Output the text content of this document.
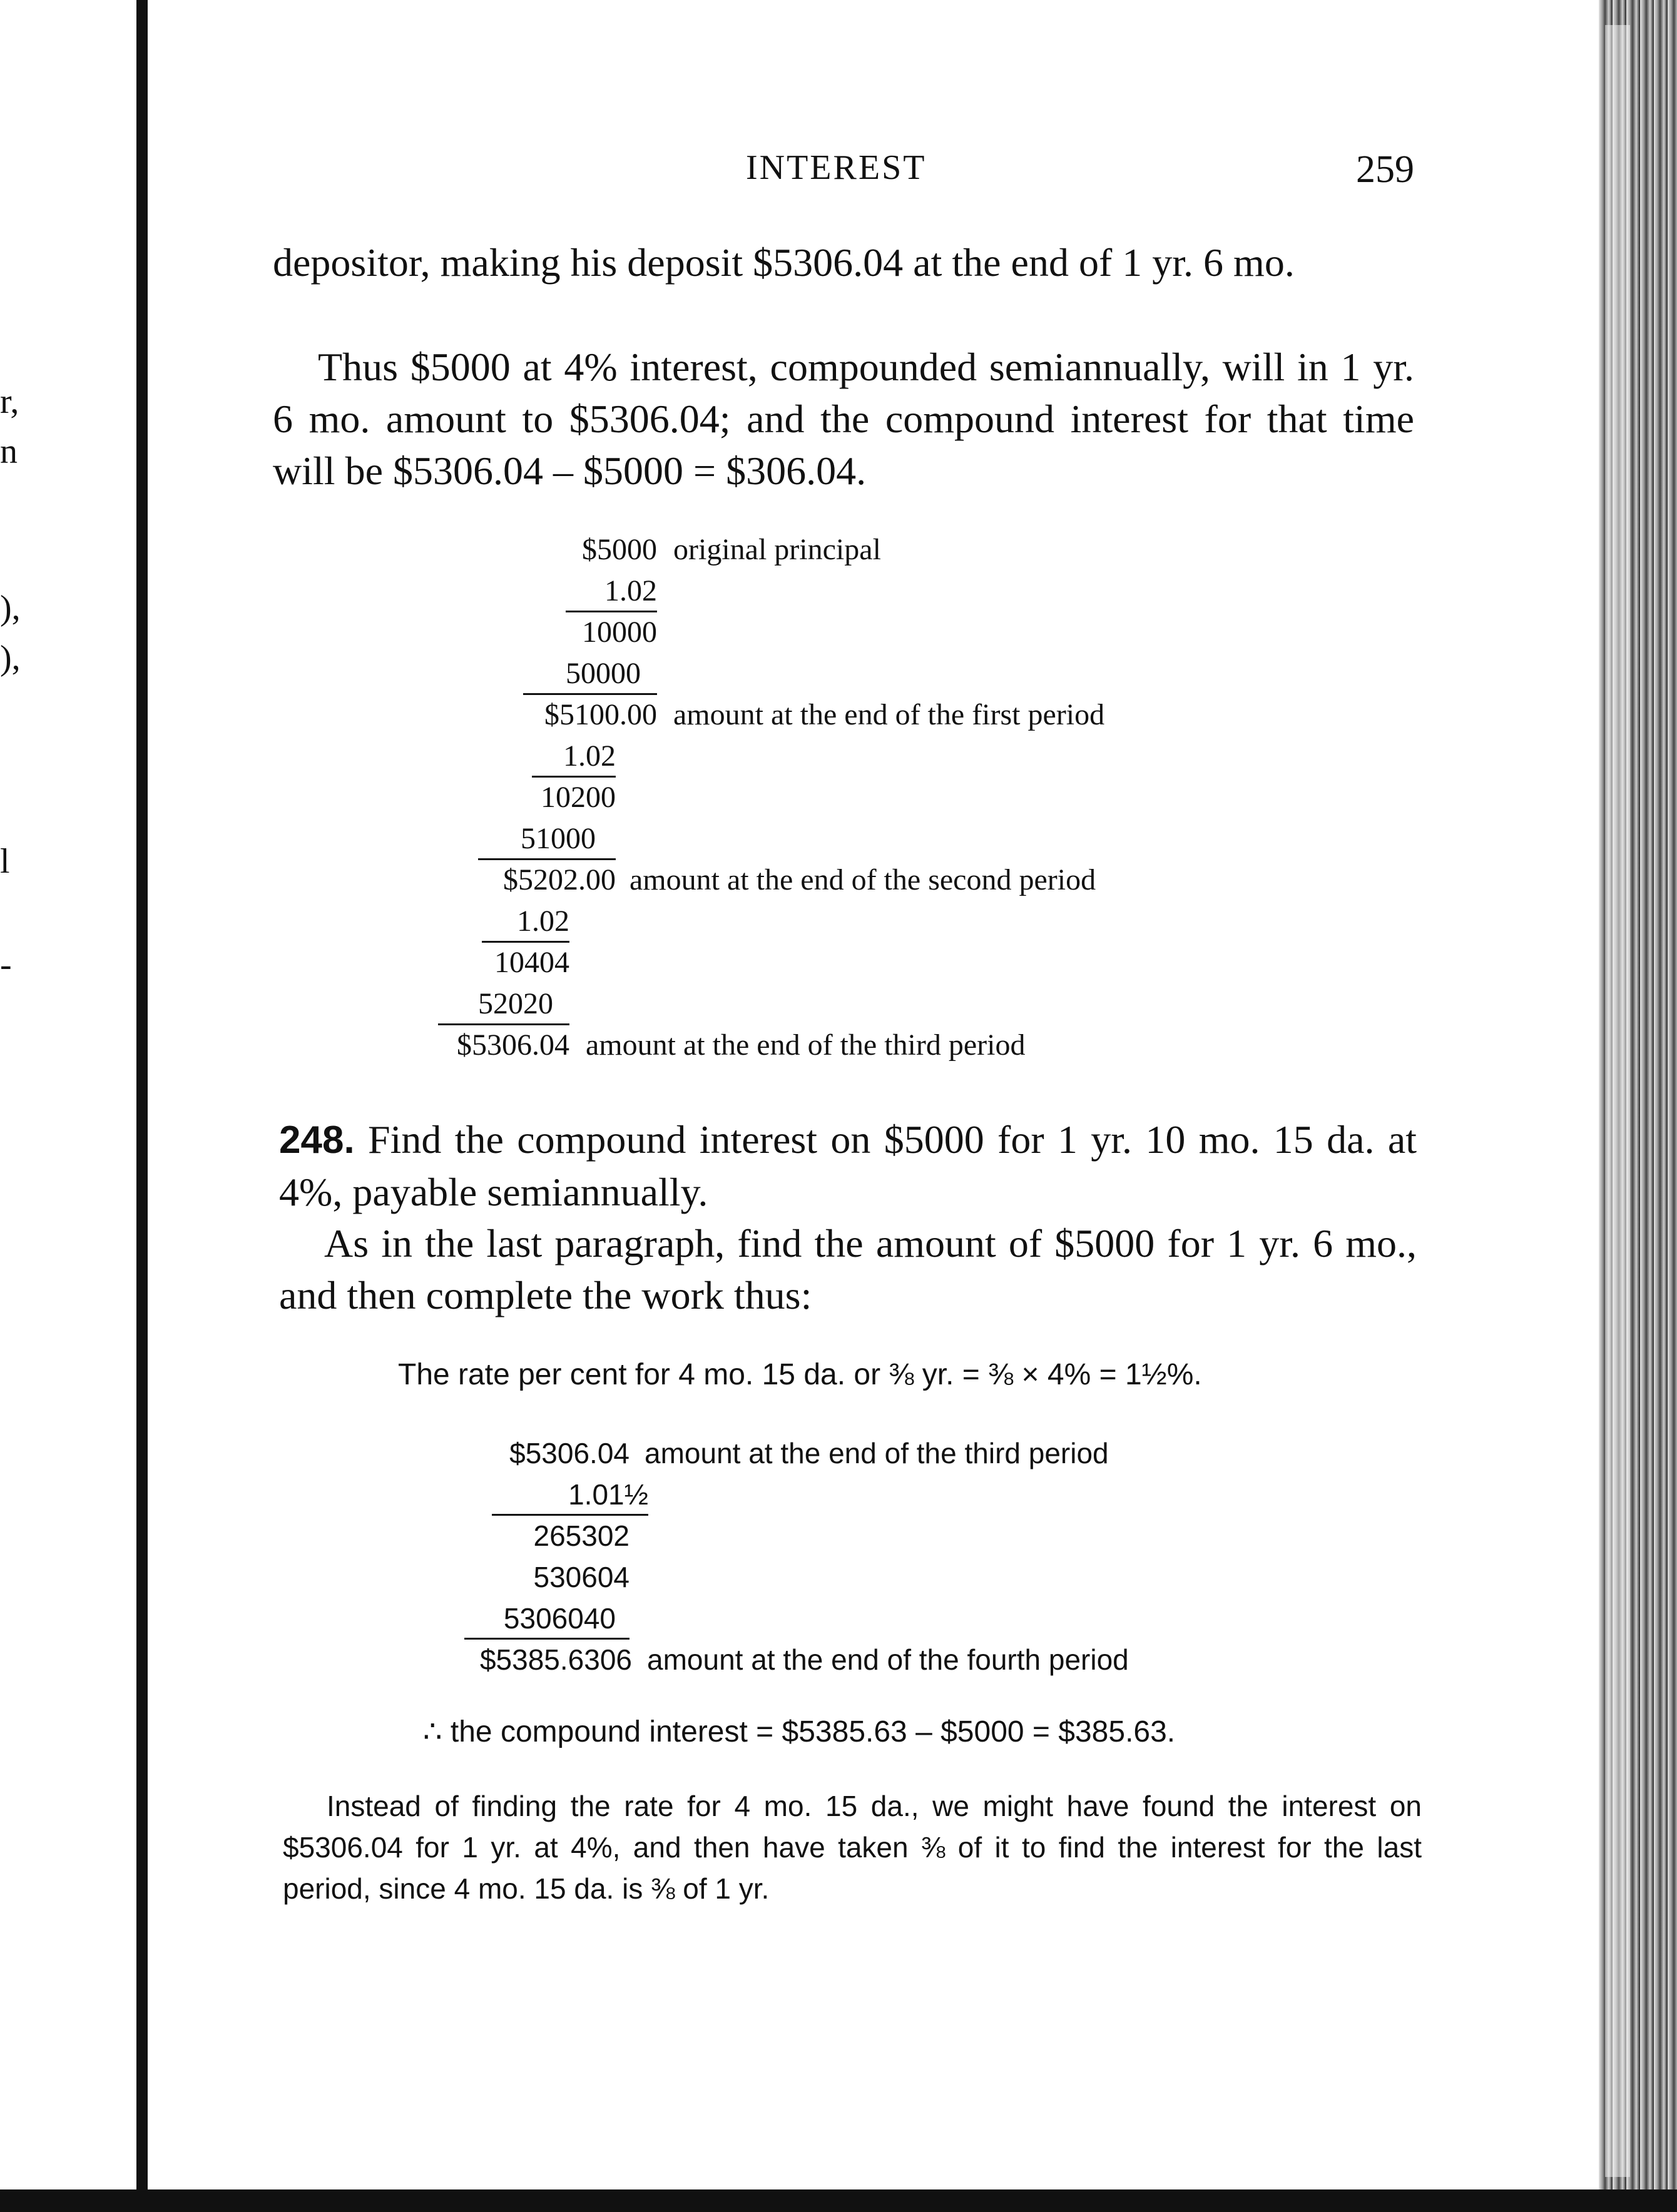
r,
n
),
),
l
-
INTEREST	259

depositor, making his deposit $5306.04 at the end of 1 yr. 6 mo.

Thus $5000 at 4% interest, compounded semiannually, will in 1 yr. 6 mo. amount to $5306.04; and the compound interest for that time will be $5306.04 – $5000 = $306.04.

$5000 original principal
1.02
10000
50000
$5100.00 amount at the end of the first period
1.02
10200
51000
$5202.00 amount at the end of the second period
1.02
10404
52020
$5306.04 amount at the end of the third period

248. Find the compound interest on $5000 for 1 yr. 10 mo. 15 da. at 4%, payable semiannually.

As in the last paragraph, find the amount of $5000 for 1 yr. 6 mo., and then complete the work thus:

The rate per cent for 4 mo. 15 da. or ⅜ yr. = ⅜ × 4% = 1½%.
$5306.04 amount at the end of the third period
1.01½
265302
530604
5306040
$5385.6306 amount at the end of the fourth period
∴ the compound interest = $5385.63 – $5000 = $385.63.

Instead of finding the rate for 4 mo. 15 da., we might have found the interest on $5306.04 for 1 yr. at 4%, and then have taken ⅜ of it to find the interest for the last period, since 4 mo. 15 da. is ⅜ of 1 yr.
